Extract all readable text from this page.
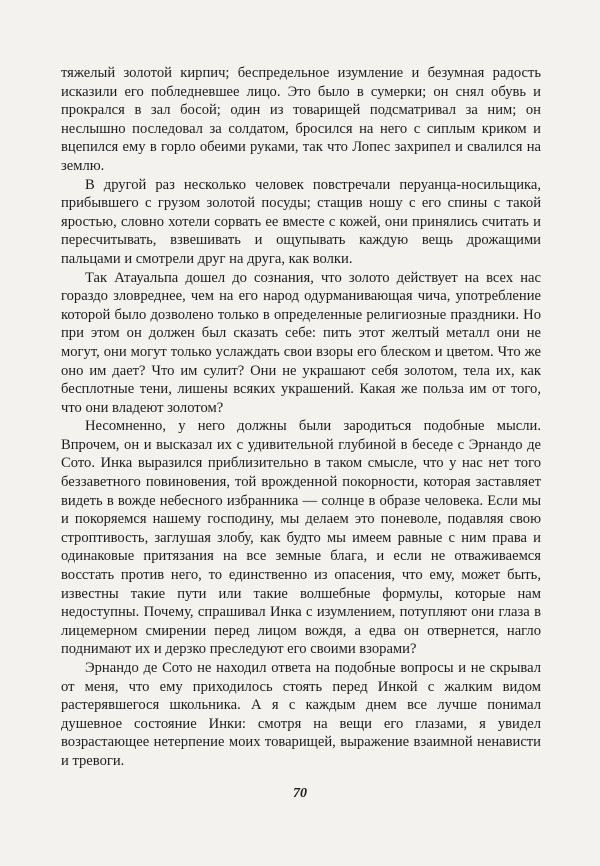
тяжелый золотой кирпич; беспредельное изумление и безумная радость исказили его побледневшее лицо. Это было в сумерки; он снял обувь и прокрался в зал босой; один из товарищей подсматривал за ним; он неслышно последовал за солдатом, бросился на него с сиплым криком и вцепился ему в горло обеими руками, так что Лопес захрипел и свалился на землю.

В другой раз несколько человек повстречали перуанца-носильщика, прибывшего с грузом золотой посуды; стащив ношу с его спины с такой яростью, словно хотели сорвать ее вместе с кожей, они принялись считать и пересчитывать, взвешивать и ощупывать каждую вещь дрожащими пальцами и смотрели друг на друга, как волки.

Так Атауальпа дошел до сознания, что золото действует на всех нас гораздо зловреднее, чем на его народ одурманивающая чича, употребление которой было дозволено только в определенные религиозные праздники. Но при этом он должен был сказать себе: пить этот желтый металл они не могут, они могут только услаждать свои взоры его блеском и цветом. Что же оно им дает? Что им сулит? Они не украшают себя золотом, тела их, как бесплотные тени, лишены всяких украшений. Какая же польза им от того, что они владеют золотом?

Несомненно, у него должны были зародиться подобные мысли. Впрочем, он и высказал их с удивительной глубиной в беседе с Эрнандо де Сото. Инка выразился приблизительно в таком смысле, что у нас нет того беззаветного повиновения, той врожденной покорности, которая заставляет видеть в вожде небесного избранника — солнце в образе человека. Если мы и покоряемся нашему господину, мы делаем это поневоле, подавляя свою строптивость, заглушая злобу, как будто мы имеем равные с ним права и одинаковые притязания на все земные блага, и если не отваживаемся восстать против него, то единственно из опасения, что ему, может быть, известны такие пути или такие волшебные формулы, которые нам недоступны. Почему, спрашивал Инка с изумлением, потупляют они глаза в лицемерном смирении перед лицом вождя, а едва он отвернется, нагло поднимают их и дерзко преследуют его своими взорами?

Эрнандо де Сото не находил ответа на подобные вопросы и не скрывал от меня, что ему приходилось стоять перед Инкой с жалким видом растерявшегося школьника. А я с каждым днем все лучше понимал душевное состояние Инки: смотря на вещи его глазами, я увидел возрастающее нетерпение моих товарищей, выражение взаимной ненависти и тревоги.

70
